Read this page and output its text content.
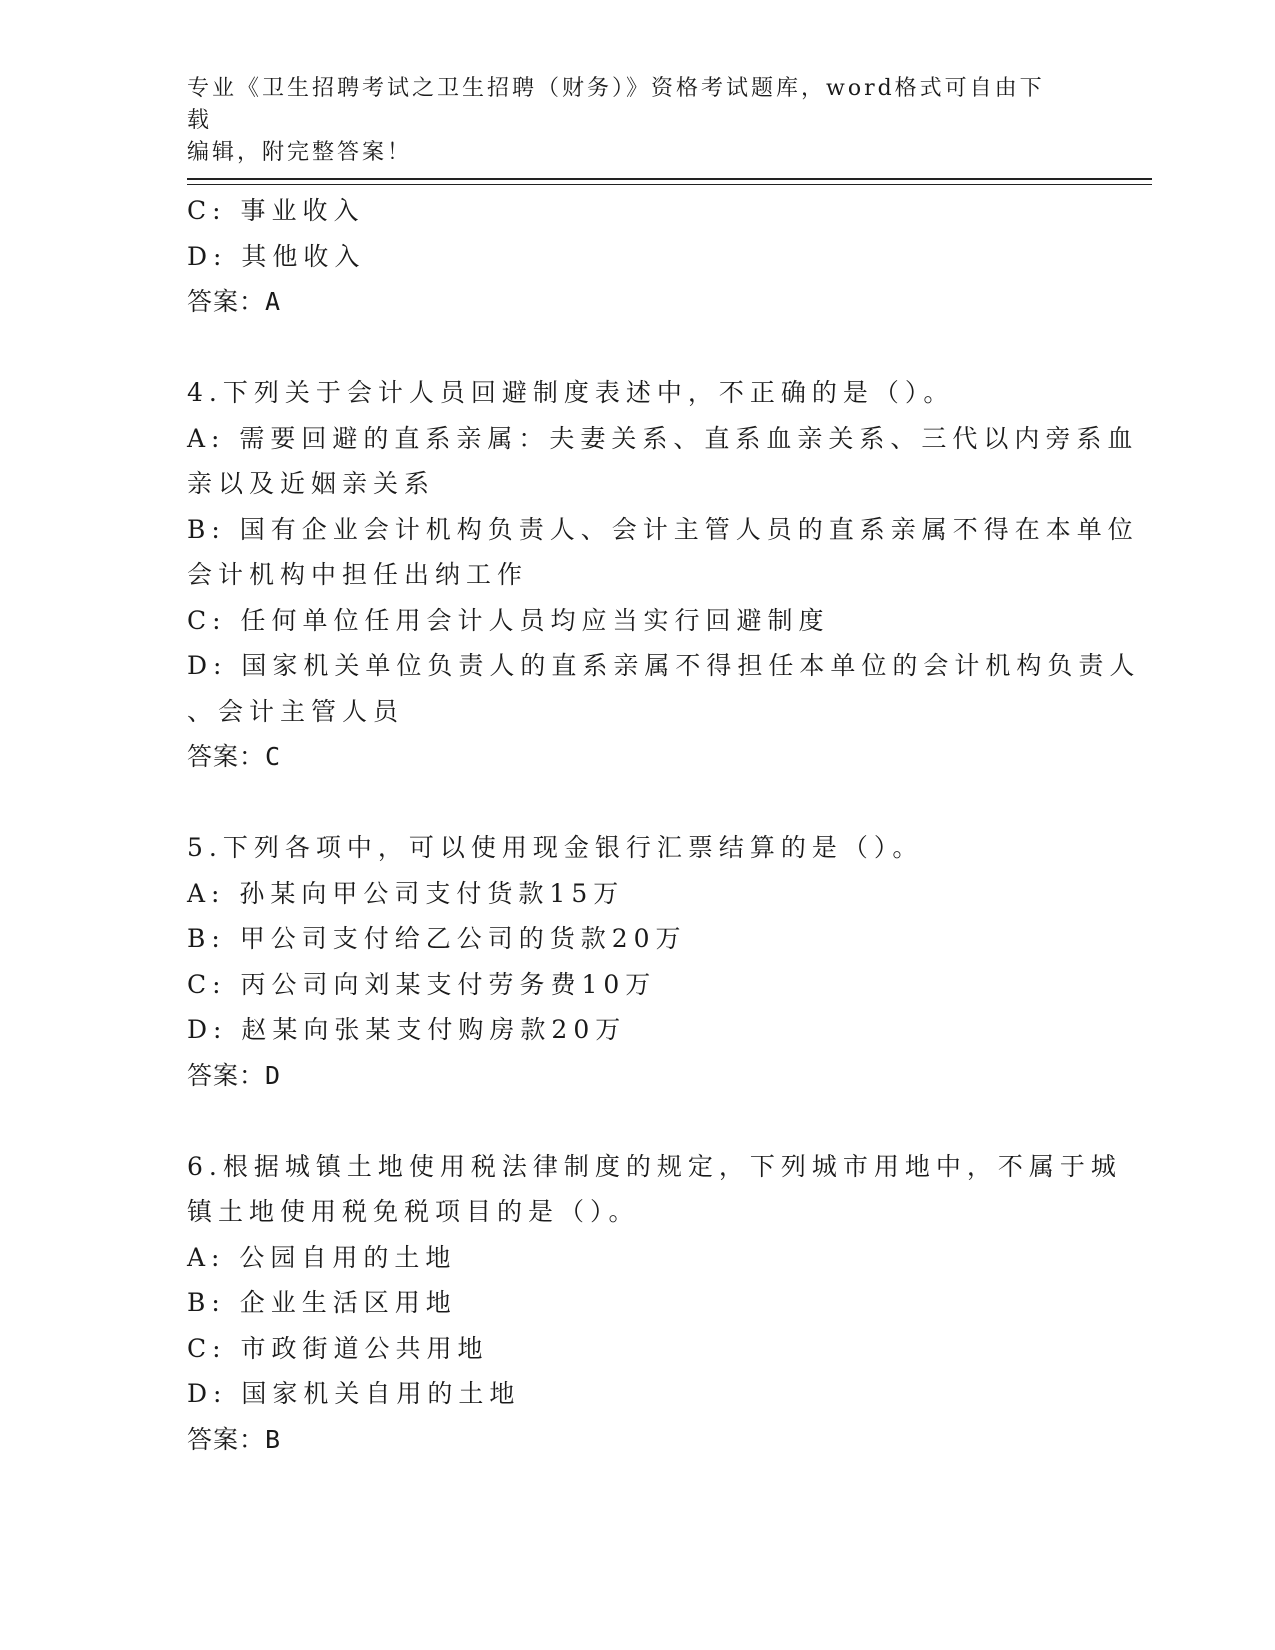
专业《卫生招聘考试之卫生招聘（财务）》资格考试题库，word格式可自由下载
编辑，附完整答案！
C: 事业收入
D: 其他收入
答案：A
4.下列关于会计人员回避制度表述中，不正确的是（）。
A: 需要回避的直系亲属：夫妻关系、直系血亲关系、三代以内旁系血
亲以及近姻亲关系
B: 国有企业会计机构负责人、会计主管人员的直系亲属不得在本单位
会计机构中担任出纳工作
C: 任何单位任用会计人员均应当实行回避制度
D: 国家机关单位负责人的直系亲属不得担任本单位的会计机构负责人
、会计主管人员
答案：C
5.下列各项中，可以使用现金银行汇票结算的是（）。
A: 孙某向甲公司支付货款15万
B: 甲公司支付给乙公司的货款20万
C: 丙公司向刘某支付劳务费10万
D: 赵某向张某支付购房款20万
答案：D
6.根据城镇土地使用税法律制度的规定，下列城市用地中，不属于城
镇土地使用税免税项目的是（）。
A: 公园自用的土地
B: 企业生活区用地
C: 市政街道公共用地
D: 国家机关自用的土地
答案：B
